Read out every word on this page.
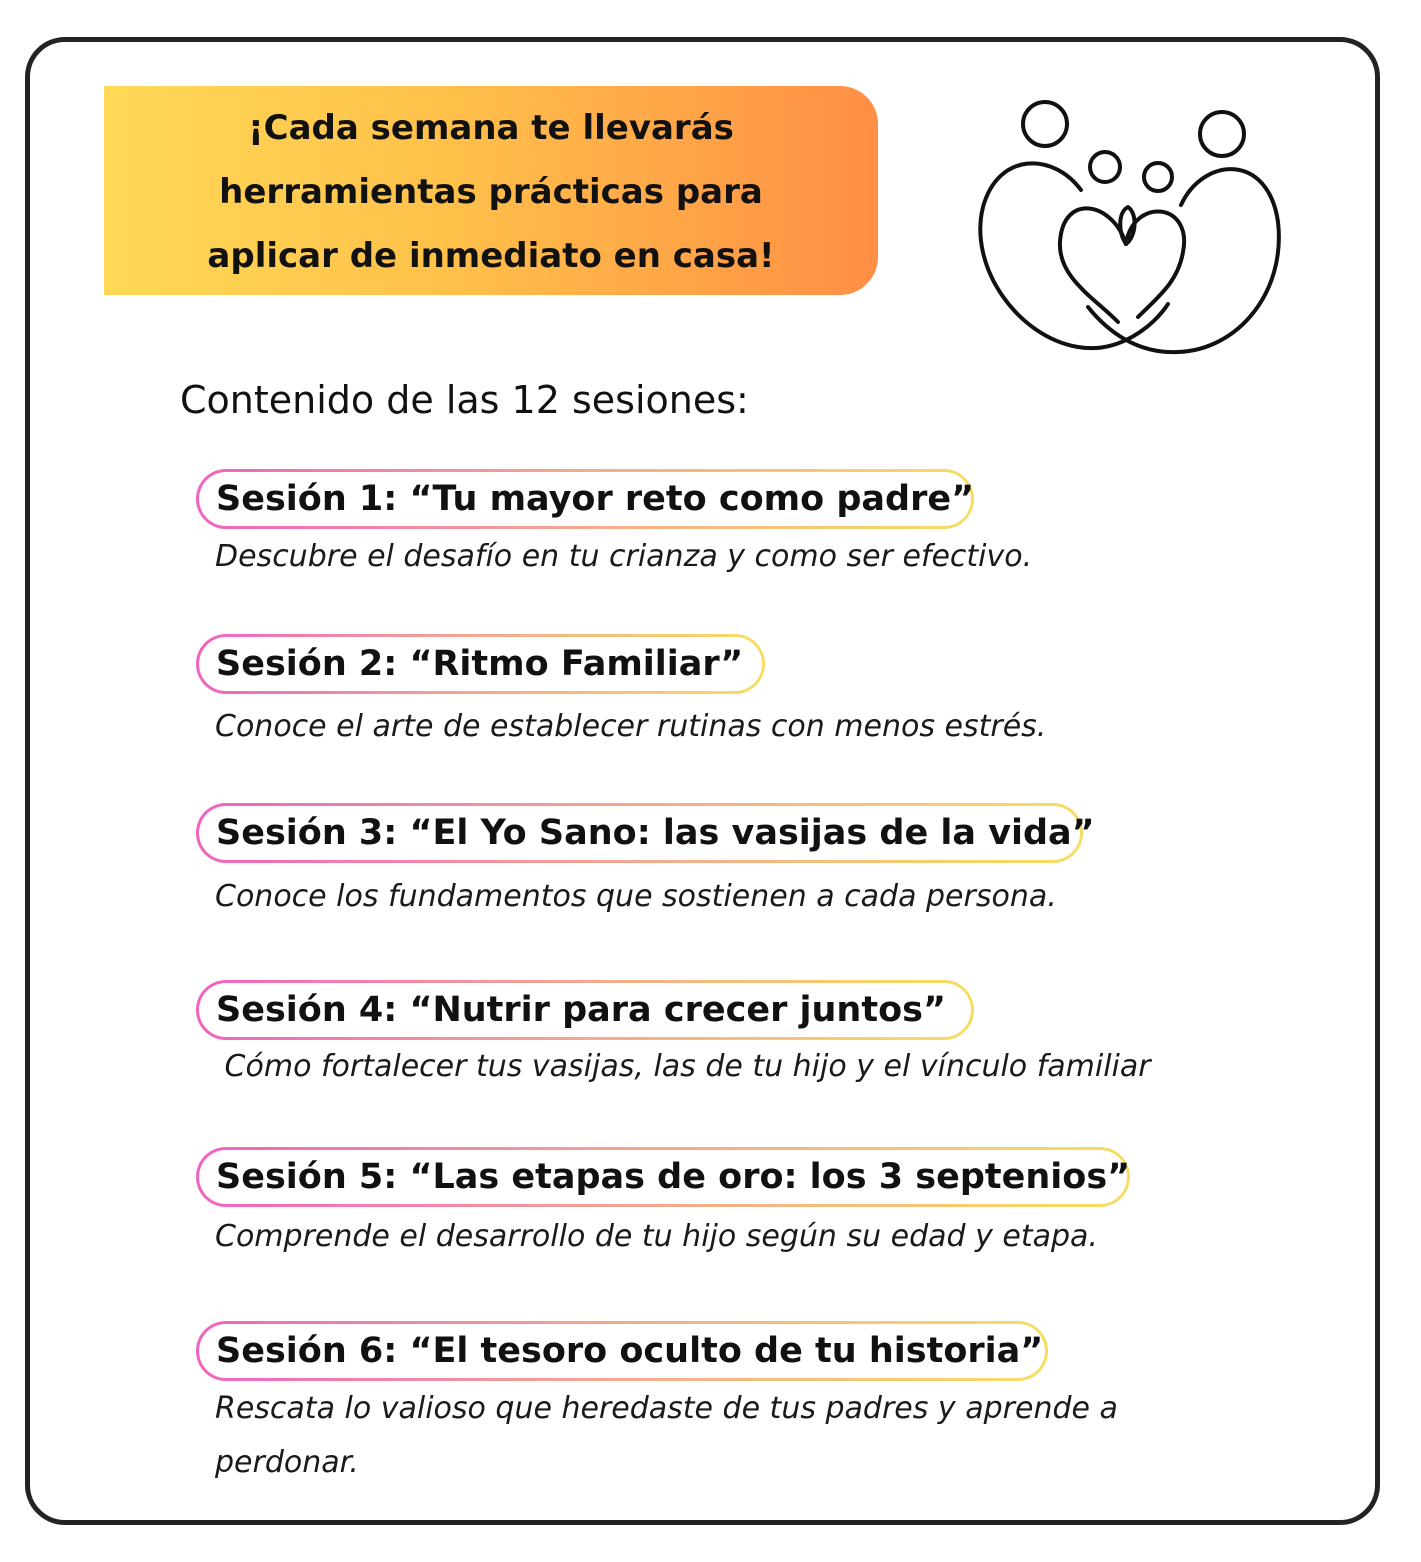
¡Cada semana te llevarás
herramientas prácticas para
aplicar de inmediato en casa!
Contenido de las 12 sesiones:
Sesión 1: “Tu mayor reto como padre”
Descubre el desafío en tu crianza y como ser efectivo.
Sesión 2: “Ritmo Familiar”
Conoce el arte de establecer rutinas con menos estrés.
Sesión 3: “El Yo Sano: las vasijas de la vida”
Conoce los fundamentos que sostienen a cada persona.
Sesión 4: “Nutrir para crecer juntos”
Cómo fortalecer tus vasijas, las de tu hijo y el vínculo familiar
Sesión 5: “Las etapas de oro: los 3 septenios”
Comprende el desarrollo de tu hijo según su edad y etapa.
Sesión 6: “El tesoro oculto de tu historia”
Rescata lo valioso que heredaste de tus padres y aprende a perdonar.
